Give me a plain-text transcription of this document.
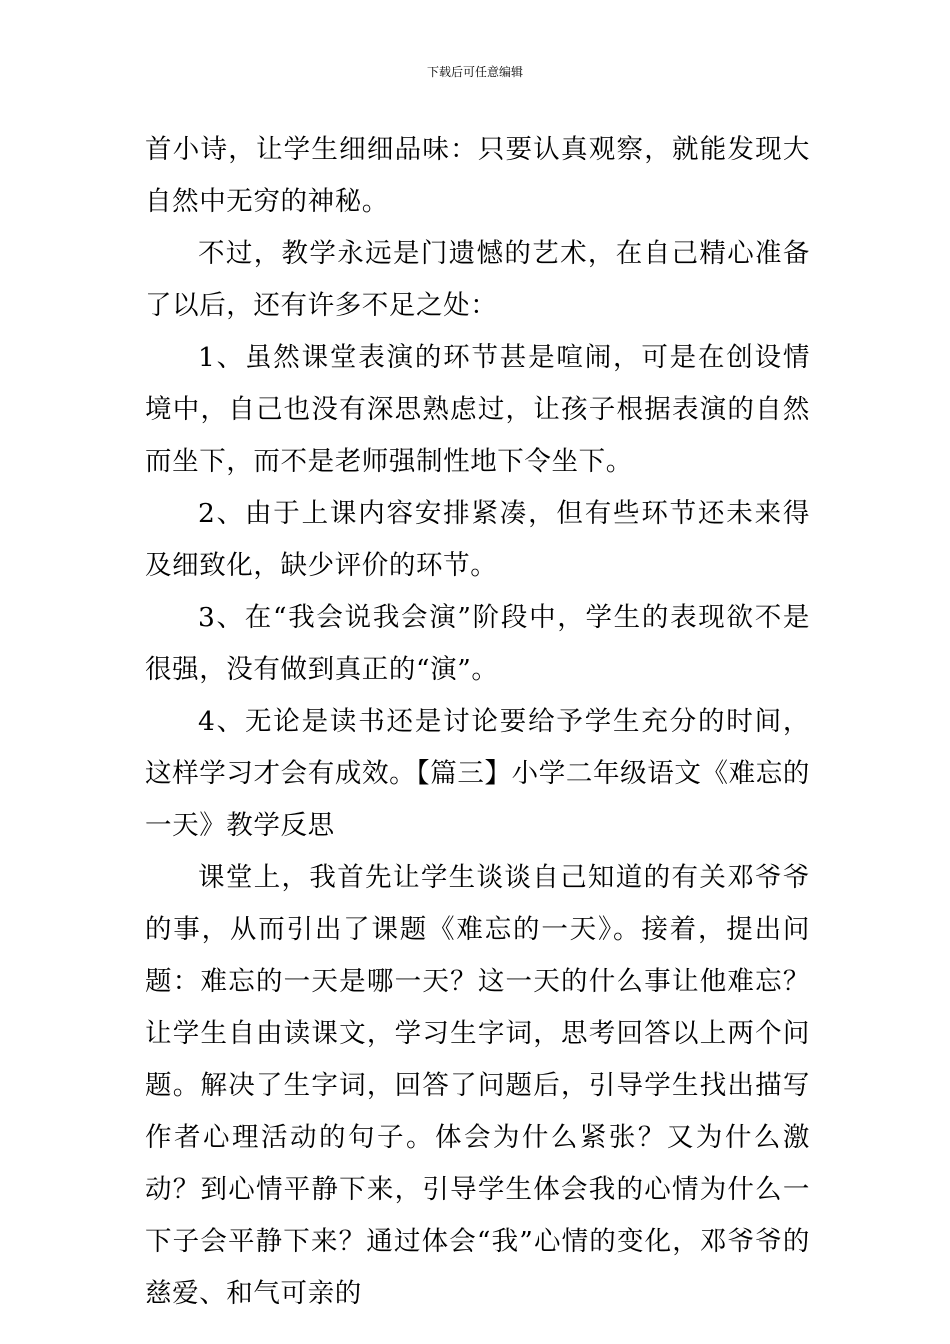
下载后可任意编辑

首小诗，让学生细细品味：只要认真观察，就能发现大自然中无穷的神秘。

不过，教学永远是门遗憾的艺术，在自己精心准备了以后，还有许多不足之处：

1、虽然课堂表演的环节甚是喧闹，可是在创设情境中，自己也没有深思熟虑过，让孩子根据表演的自然而坐下，而不是老师强制性地下令坐下。

2、由于上课内容安排紧凑，但有些环节还未来得及细致化，缺少评价的环节。

3、在“我会说我会演”阶段中，学生的表现欲不是很强，没有做到真正的“演”。

4、无论是读书还是讨论要给予学生充分的时间，这样学习才会有成效。【篇三】小学二年级语文《难忘的一天》教学反思

课堂上，我首先让学生谈谈自己知道的有关邓爷爷的事，从而引出了课题《难忘的一天》。接着，提出问题：难忘的一天是哪一天？这一天的什么事让他难忘？让学生自由读课文，学习生字词，思考回答以上两个问题。解决了生字词，回答了问题后，引导学生找出描写作者心理活动的句子。体会为什么紧张？又为什么激动？到心情平静下来，引导学生体会我的心情为什么一下子会平静下来？通过体会“我”心情的变化，邓爷爷的慈爱、和气可亲的
